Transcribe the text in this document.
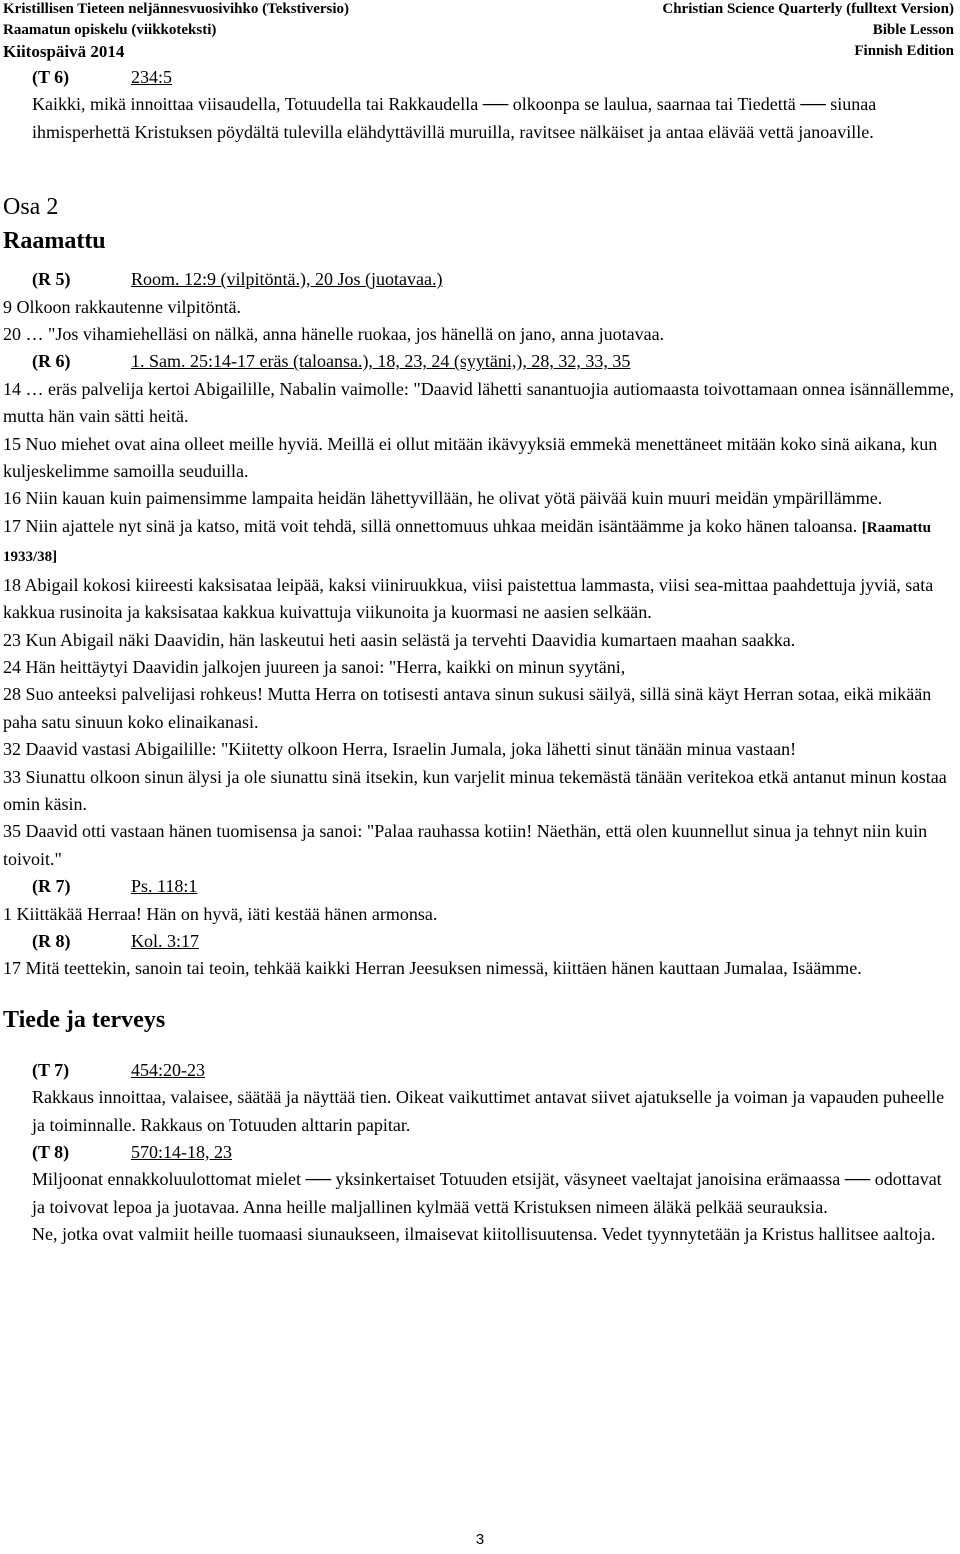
Kristillisen Tieteen neljännesvuosivihko (Tekstiversio)
Raamatun opiskelu (viikkoteksti)
Kiitospäivä 2014
Christian Science Quarterly (fulltext Version)
Bible Lesson
Finnish Edition
(T 6)	234:5

Kaikki, mikä innoittaa viisaudella, Totuudella tai Rakkaudella ── olkoonpa se laulua, saarnaa tai Tiedettä ── siunaa ihmisperhettä Kristuksen pöydältä tulevilla elähdyttävillä muruilla, ravitsee nälkäiset ja antaa elävää vettä janoaville.

Osa 2
Raamattu
(R 5)	Room. 12:9 (vilpitöntä.), 20 Jos (juotavaa.)

9 Olkoon rakkautenne vilpitöntä.

20 … "Jos vihamiehelläsi on nälkä, anna hänelle ruokaa, jos hänellä on jano, anna juotavaa.

(R 6)	1. Sam. 25:14-17 eräs (taloansa.), 18, 23, 24 (syytäni,), 28, 32, 33, 35

14 … eräs palvelija kertoi Abigailille, Nabalin vaimolle: "Daavid lähetti sanantuojia autiomaasta toivottamaan onnea isännällemme, mutta hän vain sätti heitä.

15 Nuo miehet ovat aina olleet meille hyviä. Meillä ei ollut mitään ikävyyksiä emmekä menettäneet mitään koko sinä aikana, kun kuljeskelimme samoilla seuduilla.

16 Niin kauan kuin paimensimme lampaita heidän lähettyvillään, he olivat yötä päivää kuin muuri meidän ympärillämme.

17 Niin ajattele nyt sinä ja katso, mitä voit tehdä, sillä onnettomuus uhkaa meidän isäntäämme ja koko hänen taloansa. [Raamattu 1933/38]

18 Abigail kokosi kiireesti kaksisataa leipää, kaksi viiniruukkua, viisi paistettua lammasta, viisi sea-mittaa paahdettuja jyviä, sata kakkua rusinoita ja kaksisataa kakkua kuivattuja viikunoita ja kuormasi ne aasien selkään.

23 Kun Abigail näki Daavidin, hän laskeutui heti aasin selästä ja tervehti Daavidia kumartaen maahan saakka.

24 Hän heittäytyi Daavidin jalkojen juureen ja sanoi: "Herra, kaikki on minun syytäni,

28 Suo anteeksi palvelijasi rohkeus! Mutta Herra on totisesti antava sinun sukusi säilyä, sillä sinä käyt Herran sotaa, eikä mikään paha satu sinuun koko elinaikanasi.

32 Daavid vastasi Abigailille: "Kiitetty olkoon Herra, Israelin Jumala, joka lähetti sinut tänään minua vastaan!

33 Siunattu olkoon sinun älysi ja ole siunattu sinä itsekin, kun varjelit minua tekemästä tänään veritekoa etkä antanut minun kostaa omin käsin.

35 Daavid otti vastaan hänen tuomisensa ja sanoi: "Palaa rauhassa kotiin! Näethän, että olen kuunnellut sinua ja tehnyt niin kuin toivoit."

(R 7)	Ps. 118:1

1 Kiittäkää Herraa! Hän on hyvä, iäti kestää hänen armonsa.

(R 8)	Kol. 3:17

17 Mitä teettekin, sanoin tai teoin, tehkää kaikki Herran Jeesuksen nimessä, kiittäen hänen kauttaan Jumalaa, Isäämme.

Tiede ja terveys
(T 7)	454:20-23

Rakkaus innoittaa, valaisee, säätää ja näyttää tien. Oikeat vaikuttimet antavat siivet ajatukselle ja voiman ja vapauden puheelle ja toiminnalle. Rakkaus on Totuuden alttarin papitar.

(T 8)	570:14-18, 23

Miljoonat ennakkoluulottomat mielet ── yksinkertaiset Totuuden etsijät, väsyneet vaeltajat janoisina erämaassa ── odottavat ja toivovat lepoa ja juotavaa. Anna heille maljallinen kylmää vettä Kristuksen nimeen äläkä pelkää seurauksia.

Ne, jotka ovat valmiit heille tuomaasi siunaukseen, ilmaisevat kiitollisuutensa. Vedet tyynnytetään ja Kristus hallitsee aaltoja.

3
